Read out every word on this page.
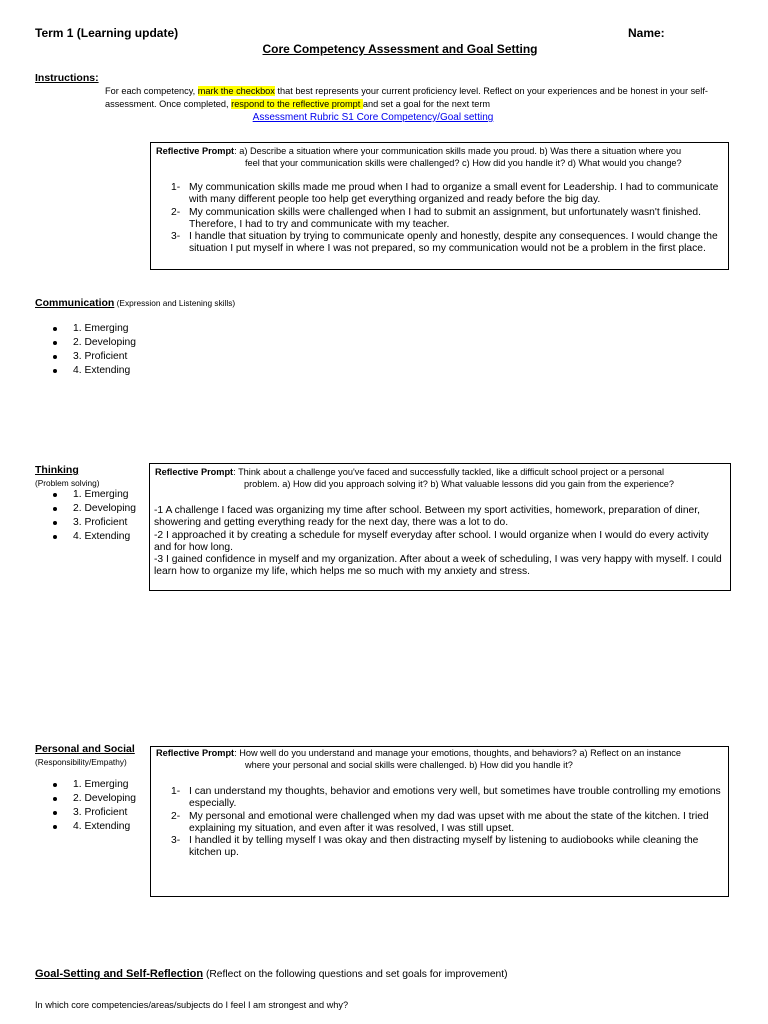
Term 1 (Learning update)	Name:
Core Competency Assessment and Goal Setting
Instructions:
For each competency, mark the checkbox that best represents your current proficiency level. Reflect on your experiences and be honest in your self-assessment. Once completed, respond to the reflective prompt and set a goal for the next term
Assessment Rubric S1 Core Competency/Goal setting
Reflective Prompt: a) Describe a situation where your communication skills made you proud. b) Was there a situation where you
feel that your communication skills were challenged? c) How did you handle it? d) What would you change?
1- My communication skills made me proud when I had to organize a small event for Leadership. I had to communicate with many different people too help get everything organized and ready before the big day.
2- My communication skills were challenged when I had to submit an assignment, but unfortunately wasn't finished. Therefore, I had to try and communicate with my teacher.
3- I handle that situation by trying to communicate openly and honestly, despite any consequences. I would change the situation I put myself in where I was not prepared, so my communication would not be a problem in the first place.
Communication (Expression and Listening skills)
1. Emerging
2. Developing
3. Proficient
4. Extending
Thinking
(Problem solving)
1. Emerging
2. Developing
3. Proficient
4. Extending
Reflective Prompt: Think about a challenge you've faced and successfully tackled, like a difficult school project or a personal
problem. a) How did you approach solving it? b) What valuable lessons did you gain from the experience?
-1 A challenge I faced was organizing my time after school. Between my sport activities, homework, preparation of diner, showering and getting everything ready for the next day, there was a lot to do.
-2 I approached it by creating a schedule for myself everyday after school. I would organize when I would do every activity and for how long.
-3 I gained confidence in myself and my organization. After about a week of scheduling, I was very happy with myself. I could learn how to organize my life, which helps me so much with my anxiety and stress.
Personal and Social
(Responsibility/Empathy)
1. Emerging
2. Developing
3. Proficient
4. Extending
Reflective Prompt: How well do you understand and manage your emotions, thoughts, and behaviors? a) Reflect on an instance
where your personal and social skills were challenged. b) How did you handle it?
1- I can understand my thoughts, behavior and emotions very well, but sometimes have trouble controlling my emotions especially.
2- My personal and emotional were challenged when my dad was upset with me about the state of the kitchen. I tried explaining my situation, and even after it was resolved, I was still upset.
3- I handled it by telling myself I was okay and then distracting myself by listening to audiobooks while cleaning the kitchen up.
Goal-Setting and Self-Reflection (Reflect on the following questions and set goals for improvement)
In which core competencies/areas/subjects do I feel I am strongest and why?
